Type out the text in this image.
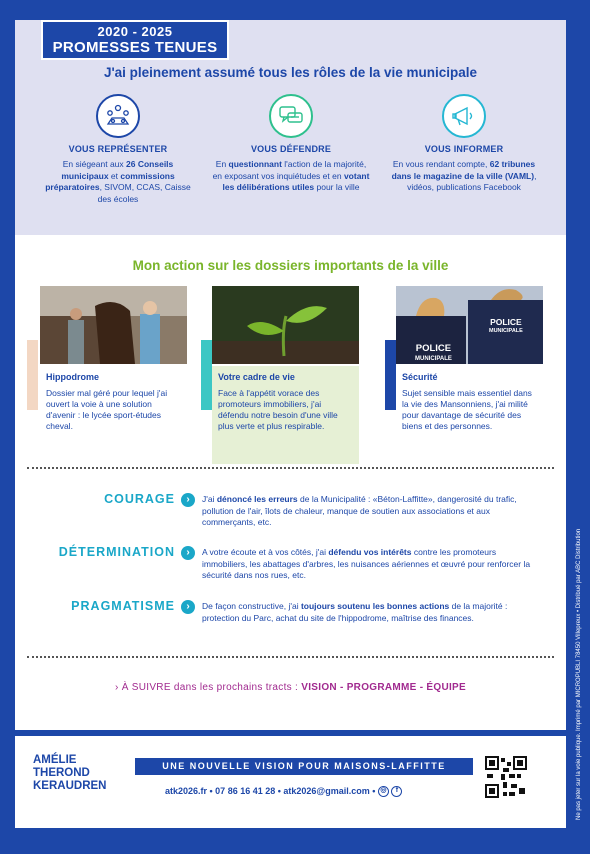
2020 - 2025
PROMESSES TENUES
J'ai pleinement assumé tous les rôles de la vie municipale
VOUS REPRÉSENTER
En siégeant aux 26 Conseils municipaux et commissions préparatoires, SIVOM, CCAS, Caisse des écoles
VOUS DÉFENDRE
En questionnant l'action de la majorité, en exposant vos inquiétudes et en votant les délibérations utiles pour la ville
VOUS INFORMER
En vous rendant compte, 62 tribunes dans le magazine de la ville (VAML), vidéos, publications Facebook
Mon action sur les dossiers importants de la ville
Hippodrome
Dossier mal géré pour lequel j'ai ouvert la voie à une solution d'avenir : le lycée sport-études cheval.
Votre cadre de vie
Face à l'appétit vorace des promoteurs immobiliers, j'ai défendu notre besoin d'une ville plus verte et plus respirable.
Sécurité
Sujet sensible mais essentiel dans la vie des Mansonniens, j'ai milité pour davantage de sécurité des biens et des personnes.
POLICE
MUNICIPALE
POLICE
MUNICIPALE
COURAGE	›	J'ai dénoncé les erreurs de la Municipalité : «Béton-Laffitte», dangerosité du trafic, pollution de l'air, îlots de chaleur, manque de soutien aux associations et aux commerçants, etc.
DÉTERMINATION	›	A votre écoute et à vos côtés, j'ai défendu vos intérêts contre les promoteurs immobiliers, les abattages d'arbres, les nuisances aériennes et œuvré pour renforcer la sécurité dans nos rues, etc.
PRAGMATISME	›	De façon constructive, j'ai toujours soutenu les bonnes actions de la majorité : protection du Parc, achat du site de l'hippodrome, maîtrise des finances.
› À SUIVRE dans les prochains tracts : VISION - PROGRAMME - ÉQUIPE
AMÉLIE
THEROND
KERAUDREN
UNE NOUVELLE VISION POUR MAISONS-LAFFITTE
atk2026.fr • 07 86 16 41 28 • atk2026@gmail.com • ◎ f	Ne pas jeter sur la voie publique. Imprimé par MICROPUBLI 78450 Villepreux • Distribué par ABC Distribution
